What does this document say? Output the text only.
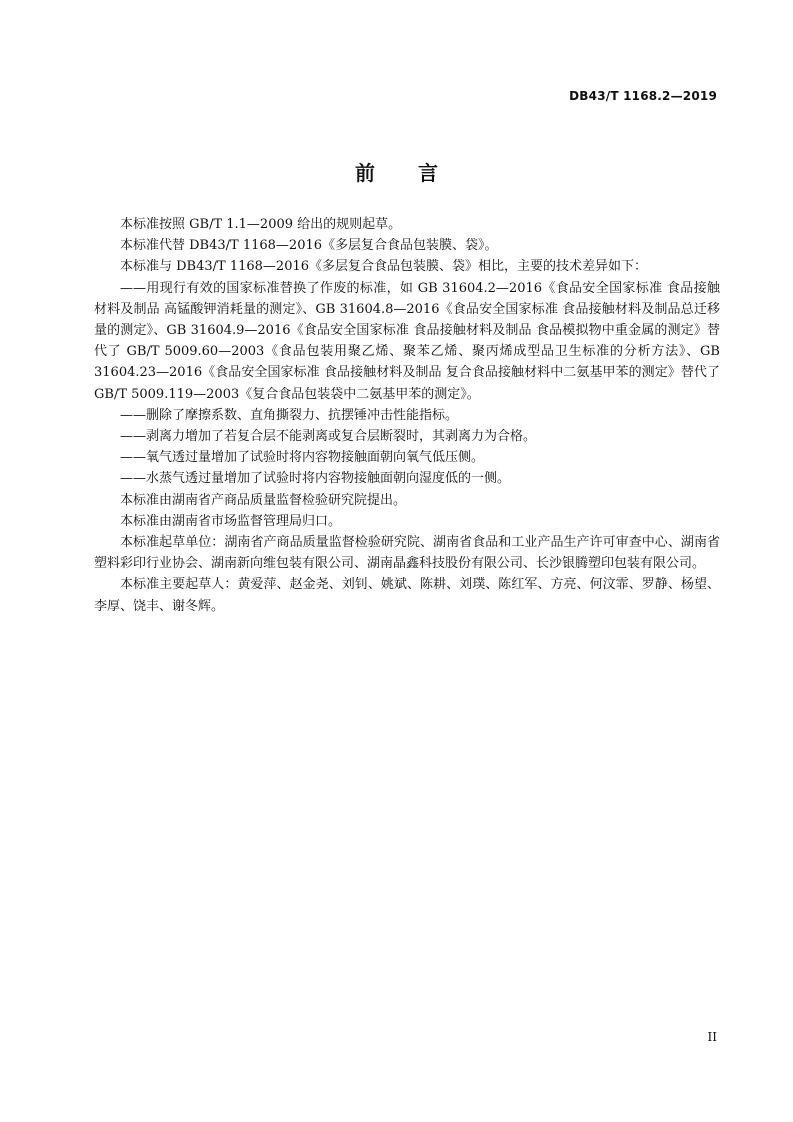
DB43/T 1168.2—2019
前 言

本标准按照 GB/T 1.1—2009 给出的规则起草。

本标准代替 DB43/T 1168—2016《多层复合食品包装膜、袋》。

本标准与 DB43/T 1168—2016《多层复合食品包装膜、袋》相比，主要的技术差异如下：

——用现行有效的国家标准替换了作废的标准，如 GB 31604.2—2016《食品安全国家标准 食品接触材料及制品 高锰酸钾消耗量的测定》、GB 31604.8—2016《食品安全国家标准 食品接触材料及制品总迁移量的测定》、GB 31604.9—2016《食品安全国家标准 食品接触材料及制品 食品模拟物中重金属的测定》替代了 GB/T 5009.60—2003《食品包装用聚乙烯、聚苯乙烯、聚丙烯成型品卫生标准的分析方法》、GB 31604.23—2016《食品安全国家标准 食品接触材料及制品 复合食品接触材料中二氨基甲苯的测定》替代了 GB/T 5009.119—2003《复合食品包装袋中二氨基甲苯的测定》。

——删除了摩擦系数、直角撕裂力、抗摆锤冲击性能指标。

——剥离力增加了若复合层不能剥离或复合层断裂时，其剥离力为合格。

——氧气透过量增加了试验时将内容物接触面朝向氧气低压侧。

——水蒸气透过量增加了试验时将内容物接触面朝向湿度低的一侧。

本标准由湖南省产商品质量监督检验研究院提出。

本标准由湖南省市场监督管理局归口。

本标准起草单位：湖南省产商品质量监督检验研究院、湖南省食品和工业产品生产许可审查中心、湖南省塑料彩印行业协会、湖南新向维包装有限公司、湖南晶鑫科技股份有限公司、长沙银腾塑印包装有限公司。

本标准主要起草人：黄爱萍、赵金尧、刘钊、姚斌、陈耕、刘璞、陈红军、方亮、何汶霏、罗静、杨望、李厚、饶丰、谢冬辉。

II
